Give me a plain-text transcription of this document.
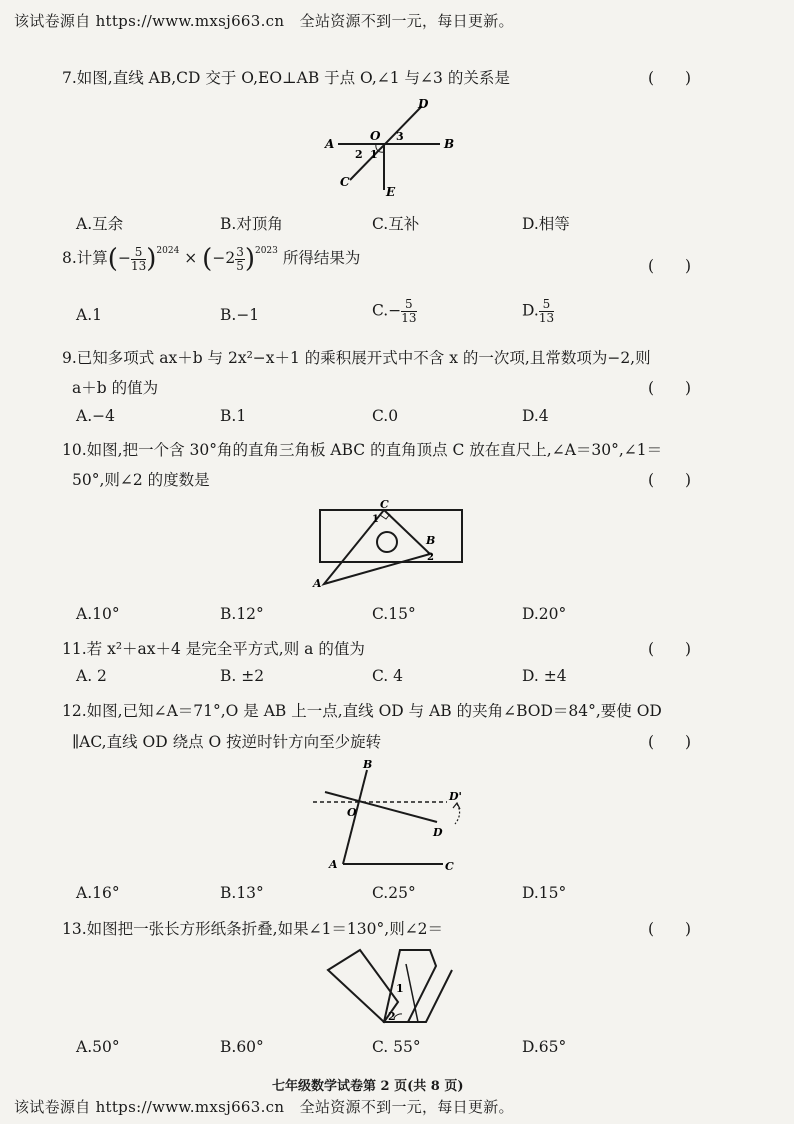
该试卷源自 https://www.mxsj663.cn　全站资源不到一元，每日更新。
7.如图,直线 AB,CD 交于 O,EO⊥AB 于点 O,∠1 与∠3 的关系是	(　　)
A	B
C
D
E
O
1
2
3
A.互余	B.对顶角	C.互补	D.相等
8.计算(− $\frac{5}{13} )^{2024} \times (-2 \frac{3}{5} )^{2023}$ 所得结果为	(　　)
A.1	B.−1	$C.- \frac{5}{13}$	D. $\frac{5}{13}$
9.已知多项式 ax＋b 与 2x²−x＋1 的乘积展开式中不含 x 的一次项,且常数项为−2,则
a＋b 的值为	(　　)
A.−4	B.1	C.0	D.4
10.如图,把一个含 30°角的直角三角板 ABC 的直角顶点 C 放在直尺上,∠A＝30°,∠1＝
50°,则∠2 的度数是	(　　)
C
B
A
1
2
A.10°	B.12°	C.15°	D.20°
11.若 x²＋ax＋4 是完全平方式,则 a 的值为	(　　)
A. 2	B. ±2	C. 4	D. ±4
12.如图,已知∠A＝71°,O 是 AB 上一点,直线 OD 与 AB 的夹角∠BOD＝84°,要使 OD
∥AC,直线 OD 绕点 O 按逆时针方向至少旋转	(　　)
B
A	C
D
D'
O
A.16°	B.13°	C.25°	D.15°
13.如图把一张长方形纸条折叠,如果∠1＝130°,则∠2＝	(　　)
1
2
A.50°	B.60°	C. 55°	D.65°
七年级数学试卷第 2 页(共 8 页)
该试卷源自 https://www.mxsj663.cn　全站资源不到一元，每日更新。
